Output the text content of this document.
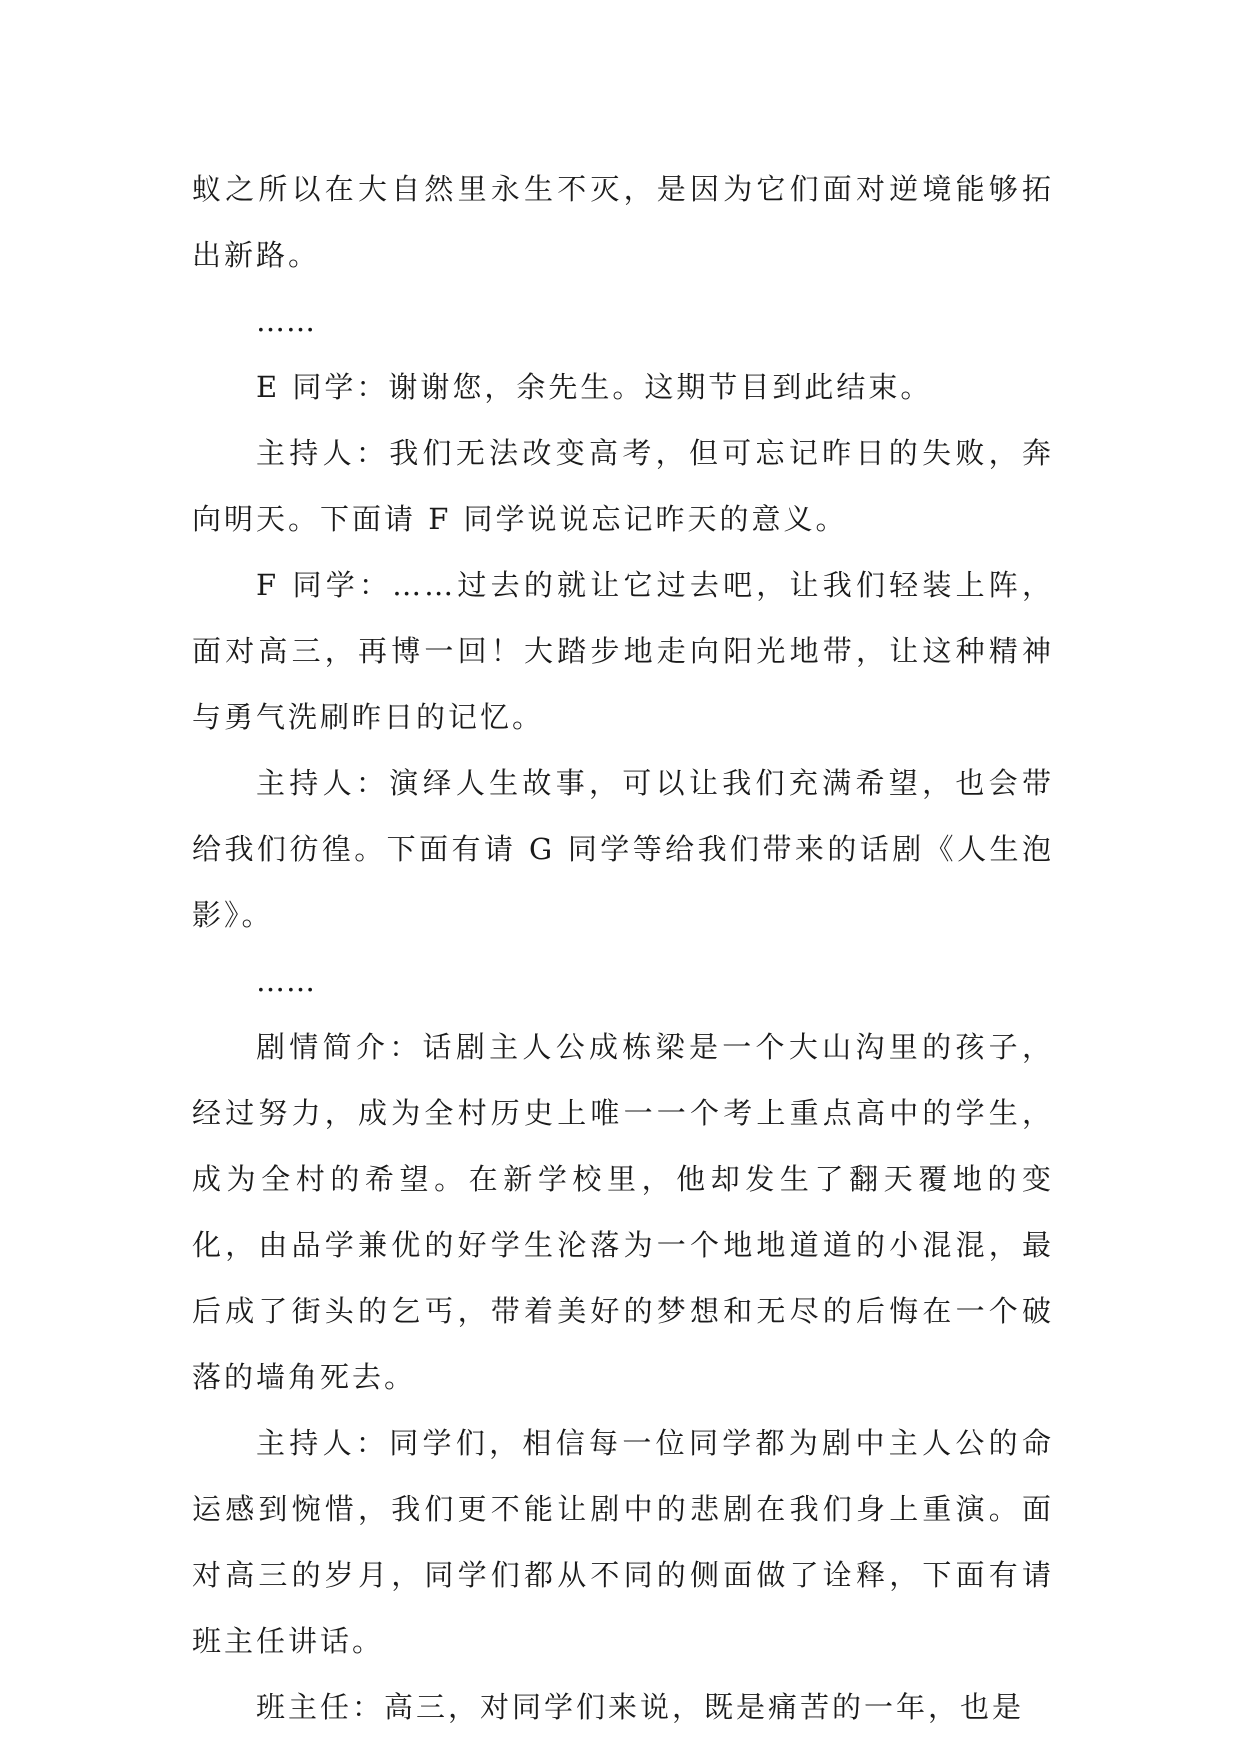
蚁之所以在大自然里永生不灭，是因为它们面对逆境能够拓出新路。

……

E 同学：谢谢您，余先生。这期节目到此结束。

主持人：我们无法改变高考，但可忘记昨日的失败，奔向明天。下面请 F 同学说说忘记昨天的意义。

F 同学：……过去的就让它过去吧，让我们轻装上阵，面对高三，再博一回！大踏步地走向阳光地带，让这种精神与勇气洗刷昨日的记忆。

主持人：演绎人生故事，可以让我们充满希望，也会带给我们彷徨。下面有请 G 同学等给我们带来的话剧《人生泡影》。

……

剧情简介：话剧主人公成栋梁是一个大山沟里的孩子，经过努力，成为全村历史上唯一一个考上重点高中的学生，成为全村的希望。在新学校里，他却发生了翻天覆地的变化，由品学兼优的好学生沦落为一个地地道道的小混混，最后成了街头的乞丐，带着美好的梦想和无尽的后悔在一个破落的墙角死去。

主持人：同学们，相信每一位同学都为剧中主人公的命运感到惋惜，我们更不能让剧中的悲剧在我们身上重演。面对高三的岁月，同学们都从不同的侧面做了诠释，下面有请班主任讲话。

班主任：高三，对同学们来说，既是痛苦的一年，也是
